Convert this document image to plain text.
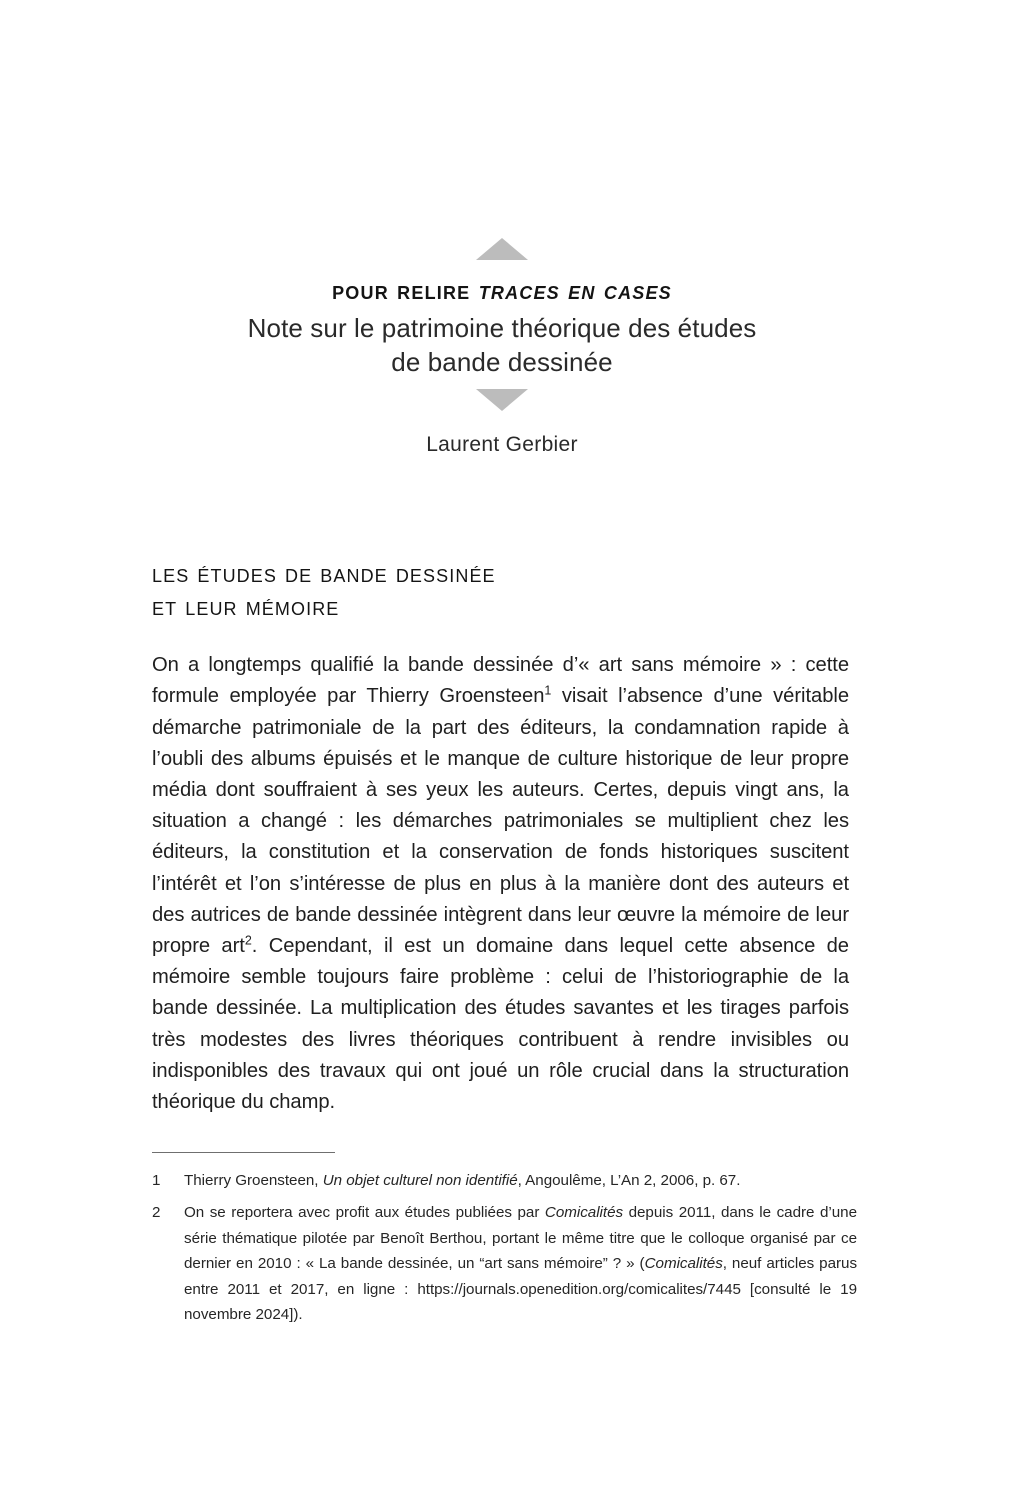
pour relire traces en cases
Note sur le patrimoine théorique des études
de bande dessinée
Laurent Gerbier
les études de bande dessinée
et leur mémoire

On a longtemps qualifié la bande dessinée d’« art sans mémoire » : cette formule employée par Thierry Groensteen$^1$ visait l’absence d’une véritable démarche patrimoniale de la part des éditeurs, la condamnation rapide à l’oubli des albums épuisés et le manque de culture historique de leur propre média dont souffraient à ses yeux les auteurs. Certes, depuis vingt ans, la situation a changé : les démarches patrimoniales se multiplient chez les éditeurs, la constitution et la conservation de fonds historiques suscitent l’intérêt et l’on s’intéresse de plus en plus à la manière dont des auteurs et des autrices de bande dessinée intègrent dans leur œuvre la mémoire de leur propre art$^2$. Cependant, il est un domaine dans lequel cette absence de mémoire semble toujours faire problème : celui de l’historiographie de la bande dessinée. La multiplication des études savantes et les tirages parfois très modestes des livres théoriques contribuent à rendre invisibles ou indisponibles des travaux qui ont joué un rôle crucial dans la structuration théorique du champ.

1	Thierry Groensteen, Un objet culturel non identifié, Angoulême, L’An 2, 2006, p. 67.
2	On se reportera avec profit aux études publiées par Comicalités depuis 2011, dans le cadre d’une série thématique pilotée par Benoît Berthou, portant le même titre que le colloque organisé par ce dernier en 2010 : « La bande dessinée, un “art sans mémoire” ? » (Comicalités, neuf articles parus entre 2011 et 2017, en ligne : https://journals.openedition.org/comicalites/7445 [consulté le 19 novembre 2024]).
